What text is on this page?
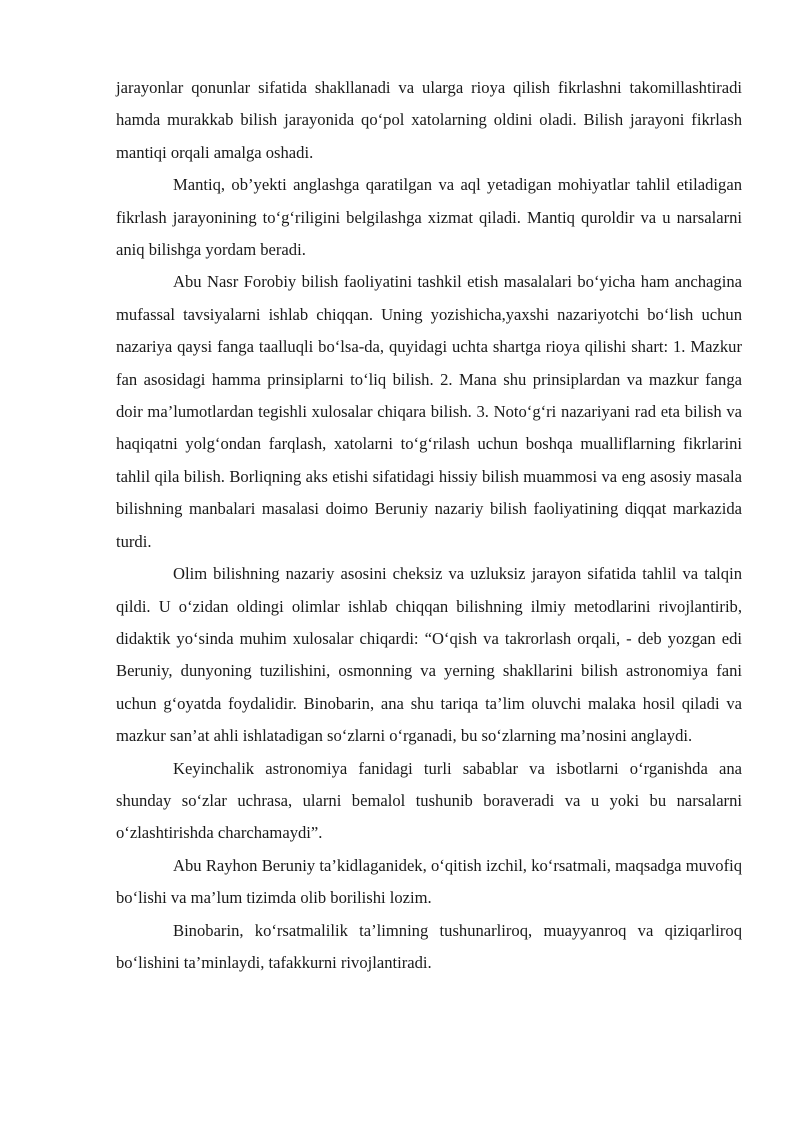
jarayonlar qonunlar sifatida shakllanadi va ularga rioya qilish fikrlashni takomillashtiradi hamda murakkab bilish jarayonida qo‘pol xatolarning oldini oladi. Bilish jarayoni fikrlash mantiqi orqali amalga oshadi.

Mantiq, ob’yekti anglashga qaratilgan va aql yetadigan mohiyatlar tahlil etiladigan fikrlash jarayonining to‘g‘riligini belgilashga xizmat qiladi. Mantiq quroldir va u narsalarni aniq bilishga yordam beradi.

Abu Nasr Forobiy bilish faoliyatini tashkil etish masalalari bo‘yicha ham anchagina mufassal tavsiyalarni ishlab chiqqan. Uning yozishicha,yaxshi nazariyotchi bo‘lish uchun nazariya qaysi fanga taalluqli bo‘lsa-da, quyidagi uchta shartga rioya qilishi shart: 1. Mazkur fan asosidagi hamma prinsiplarni to‘liq bilish. 2. Mana shu prinsiplardan va mazkur fanga doir ma’lumotlardan tegishli xulosalar chiqara bilish. 3. Noto‘g‘ri nazariyani rad eta bilish va haqiqatni yolg‘ondan farqlash, xatolarni to‘g‘rilash uchun boshqa mualliflarning fikrlarini tahlil qila bilish. Borliqning aks etishi sifatidagi hissiy bilish muammosi va eng asosiy masala bilishning manbalari masalasi doimo Beruniy nazariy bilish faoliyatining diqqat markazida turdi.

Olim bilishning nazariy asosini cheksiz va uzluksiz jarayon sifatida tahlil va talqin qildi. U o‘zidan oldingi olimlar ishlab chiqqan bilishning ilmiy metodlarini rivojlantirib, didaktik yo‘sinda muhim xulosalar chiqardi: “O‘qish va takrorlash orqali, - deb yozgan edi Beruniy, dunyoning tuzilishini, osmonning va yerning shakllarini bilish astronomiya fani uchun g‘oyatda foydalidir. Binobarin, ana shu tariqa ta’lim oluvchi malaka hosil qiladi va mazkur san’at ahli ishlatadigan so‘zlarni o‘rganadi, bu so‘zlarning ma’nosini anglaydi.

Keyinchalik astronomiya fanidagi turli sabablar va isbotlarni o‘rganishda ana shunday so‘zlar uchrasa, ularni bemalol tushunib boraveradi va u yoki bu narsalarni o‘zlashtirishda charchamaydi”.

Abu Rayhon Beruniy ta’kidlaganidek, o‘qitish izchil, ko‘rsatmali, maqsadga muvofiq bo‘lishi va ma’lum tizimda olib borilishi lozim.

Binobarin, ko‘rsatmalilik ta’limning tushunarliroq, muayyanroq va qiziqarliroq bo‘lishini ta’minlaydi, tafakkurni rivojlantiradi.
